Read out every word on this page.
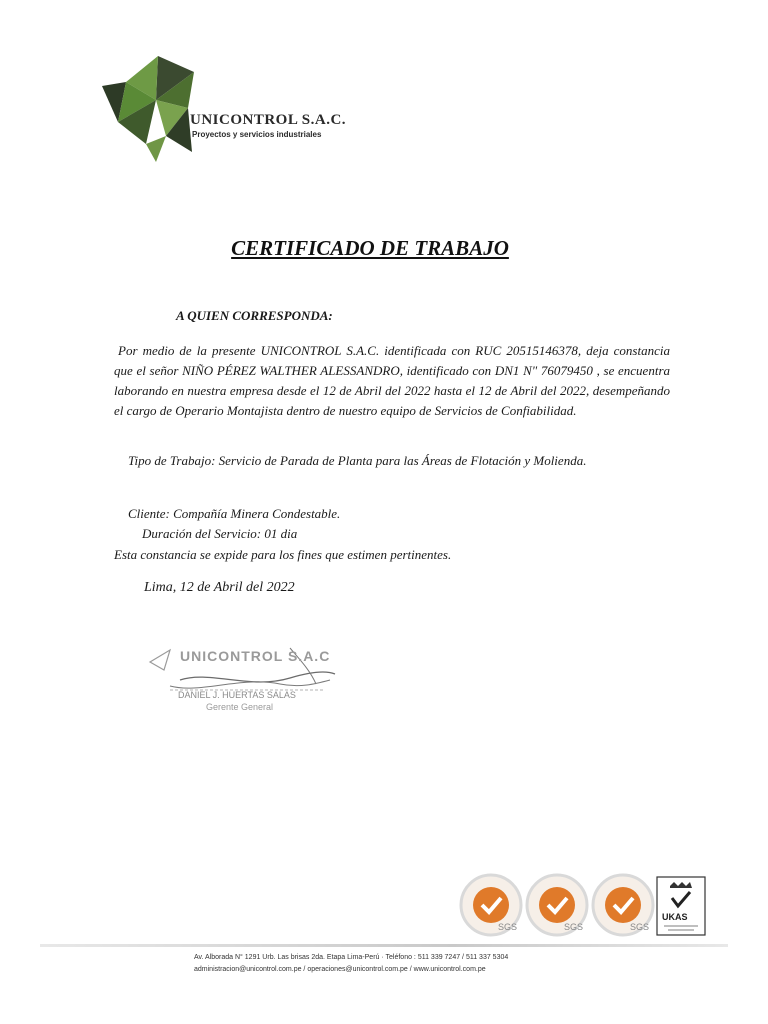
UNICONTROL S.A.C.
Proyectos y servicios industriales
CERTIFICADO DE TRABAJO
A QUIEN CORRESPONDA:
Por medio de la presente UNICONTROL S.A.C. identificada con RUC 20515146378, deja constancia que el señor NIÑO PÉREZ WALTHER ALESSANDRO, identificado con DN1 N" 76079450 , se encuentra laborando en nuestra empresa desde el 12 de Abril del 2022 hasta el 12 de Abril del 2022, desempeñando el cargo de Operario Montajista dentro de nuestro equipo de Servicios de Confiabilidad.
Tipo de Trabajo: Servicio de Parada de Planta para las Áreas de Flotación y Molienda.
Cliente: Compañía Minera Condestable.
Duración del Servicio: 01 dia
Esta constancia se expide para los fines que estimen pertinentes.
Lima, 12 de Abril del 2022
UNICONTROL S.A.C
DANIEL J. HUERTAS SALAS
Gerente General
SGS	SGS	SGS
UKAS
Av. Alborada N° 1291 Urb. Las brisas 2da. Etapa Lima-Perú · Teléfono : 511 339 7247 / 511 337 5304
administracion@unicontrol.com.pe / operaciones@unicontrol.com.pe / www.unicontrol.com.pe
